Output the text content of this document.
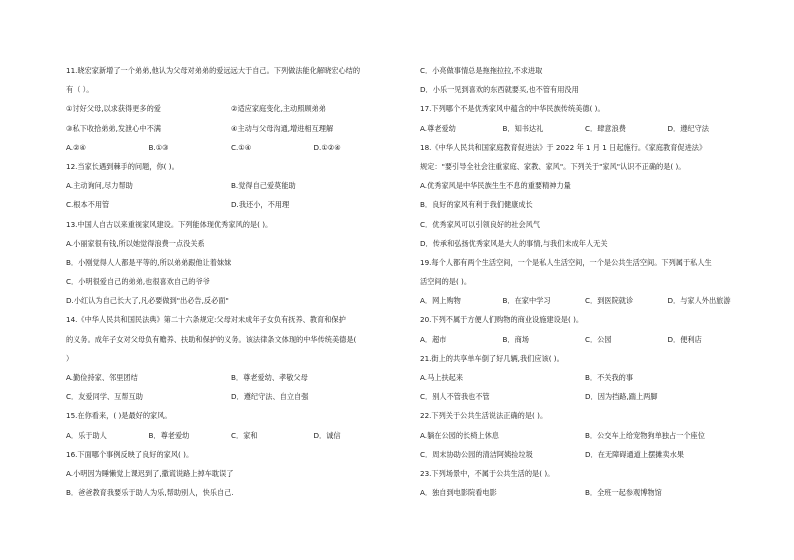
11.晓宏家新增了一个弟弟,他认为父母对弟弟的爱远远大于自己。下列做法能化解晓宏心结的
有（ ）。
①讨好父母,以求获得更多的爱	②适应家庭变化,主动照顾弟弟
③私下收拾弟弟,发泄心中不满	④主动与父母沟通,增进相互理解
A.②④	B.①③	C.①④	D.①②④
12.当家长遇到棘手的问题，你( )。
A.主动询问,尽力帮助	B.觉得自己爱莫能助
C.根本不用管	D.我还小，不用理
13.中国人自古以来重视家风建设。下列能体现优秀家风的是( )。
A.小丽家很有钱,所以她觉得浪费一点没关系
B．小刚觉得人人都是平等的,所以弟弟跟他让着妹妹
C．小明很爱自己的弟弟,也很喜欢自己的爷爷
D.小红认为自己长大了,凡必要做到"出必告,反必面"
14.《中华人民共和国民法典》第二十六条规定:父母对未成年子女负有抚养、教育和保护
的义务。成年子女对父母负有赡养、扶助和保护的义务。该法律条文体现的中华传统美德是(
）
A.勤俭持家、邻里团结	B．尊老爱幼、孝敬父母
C．友爱同学、互帮互助	D．遵纪守法、自立自强
15.在你看来，( )是最好的家风。
A．乐于助人	B．尊老爱幼	C．家和	D．诚信
16.下面哪个事例反映了良好的家风( )。
A.小明因为睡懒觉上课迟到了,撒谎说路上掉车耽误了
B．爸爸教育我要乐于助人为乐,帮助别人，快乐自己.
C．小亮做事情总是拖拖拉拉,不求进取
D．小乐一见到喜欢的东西就要买,也不管有用没用
17.下列哪个不是优秀家风中蕴含的中华民族传统美德( )。
A.尊老爱幼	B．知书达礼	C．肆意浪费	D．遵纪守法
18.《中华人民共和国家庭教育促进法》于 2022 年 1 月 1 日起施行。《家庭教育促进法》
规定："要引导全社会注重家庭、家教、家风"。下列关于"家风"认识不正确的是( )。
A.优秀家风是中华民族生生不息的重要精神力量
B．良好的家风有利于我们健康成长
C．优秀家风可以引领良好的社会风气
D．传承和弘扬优秀家风是大人的事情,与我们未成年人无关
19.每个人都有两个生活空间，一个是私人生活空间，一个是公共生活空间。下列属于私人生
活空间的是( )。
A．网上购物	B．在家中学习	C．到医院就诊	D．与家人外出旅游
20.下列不属于方便人们购物的商业设施建设是( )。
A．超市	B．商场	C．公园	D．便利店
21.街上的共享单车倒了好几辆,我们应该( )。
A.马上扶起来	B．不关我的事
C．别人不管我也不管	D．因为挡路,踹上两脚
22.下列关于公共生活说法正确的是( )。
A.躺在公园的长椅上休息	B．公交车上给宠物狗单独占一个座位
C．周末协助公园的清洁阿姨捡垃圾	D．在无障碍通道上摆摊卖水果
23.下列场景中，不属于公共生活的是( )。
A．独自到电影院看电影	B．全班一起参观博物馆
